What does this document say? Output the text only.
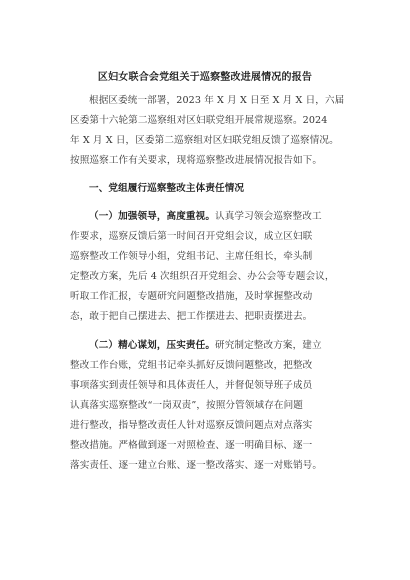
区妇女联合会党组关于巡察整改进展情况的报告
根据区委统一部署，2023 年 X 月 X 日至 X 月 X 日，六届
区委第十六轮第二巡察组对区妇联党组开展常规巡察。2024
年 X 月 X 日，区委第二巡察组对区妇联党组反馈了巡察情况。
按照巡察工作有关要求，现将巡察整改进展情况报告如下。
一、党组履行巡察整改主体责任情况
（一）加强领导，高度重视。认真学习领会巡察整改工
作要求，巡察反馈后第一时间召开党组会议，成立区妇联
巡察整改工作领导小组，党组书记、主席任组长，牵头制
定整改方案，先后 4 次组织召开党组会、办公会等专题会议，
听取工作汇报，专题研究问题整改措施，及时掌握整改动
态，敢于把自己摆进去、把工作摆进去、把职责摆进去。
（二）精心谋划，压实责任。研究制定整改方案，建立
整改工作台账，党组书记牵头抓好反馈问题整改，把整改
事项落实到责任领导和具体责任人，并督促领导班子成员
认真落实巡察整改“一岗双责”，按照分管领域存在问题
进行整改，指导整改责任人针对巡察反馈问题点对点落实
整改措施。严格做到逐一对照检查、逐一明确目标、逐一
落实责任、逐一建立台账、逐一整改落实、逐一对账销号。
